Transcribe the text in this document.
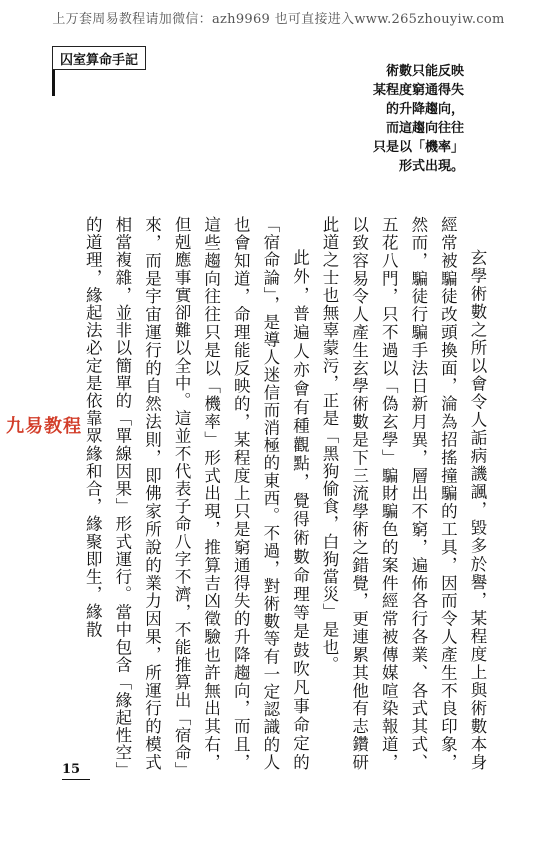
上万套周易教程请加微信：azh9969 也可直接进入www.265zhouyiw.com
囚室算命手記
術數只能反映
某程度窮通得失
的升降趨向，
而這趨向往往
只是以「機率」
形式出現。

玄學術數之所以會令人詬病譏諷，毀多於譽，某程度上與術數本身經常被騙徒改頭換面，淪為招搖撞騙的工具，因而令人產生不良印象，然而，騙徒行騙手法日新月異，層出不窮，遍佈各行各業、各式其式、五花八門，只不過以「偽玄學」騙財騙色的案件經常被傳媒喧染報道，以致容易令人產生玄學術數是下三流學術之錯覺，更連累其他有志鑽研此道之士也無辜蒙污，正是「黑狗偷食，白狗當災」是也。

此外，普遍人亦會有種觀點，覺得術數命理等是鼓吹凡事命定的「宿命論」，是導人迷信而消極的東西。不過，對術數等有一定認識的人也會知道，命理能反映的，某程度上只是窮通得失的升降趨向，而且，這些趨向往往只是以「機率」形式出現，推算吉凶徵驗也許無出其右，但剋應事實卻難以全中。這並不代表子命八字不濟，不能推算出「宿命」來，而是宇宙運行的自然法則，即佛家所說的業力因果，所運行的模式相當複雜，並非以簡單的「單線因果」形式運行。當中包含「緣起性空」的道理，緣起法必定是依靠眾緣和合，緣聚即生，緣散

九易教程
15
